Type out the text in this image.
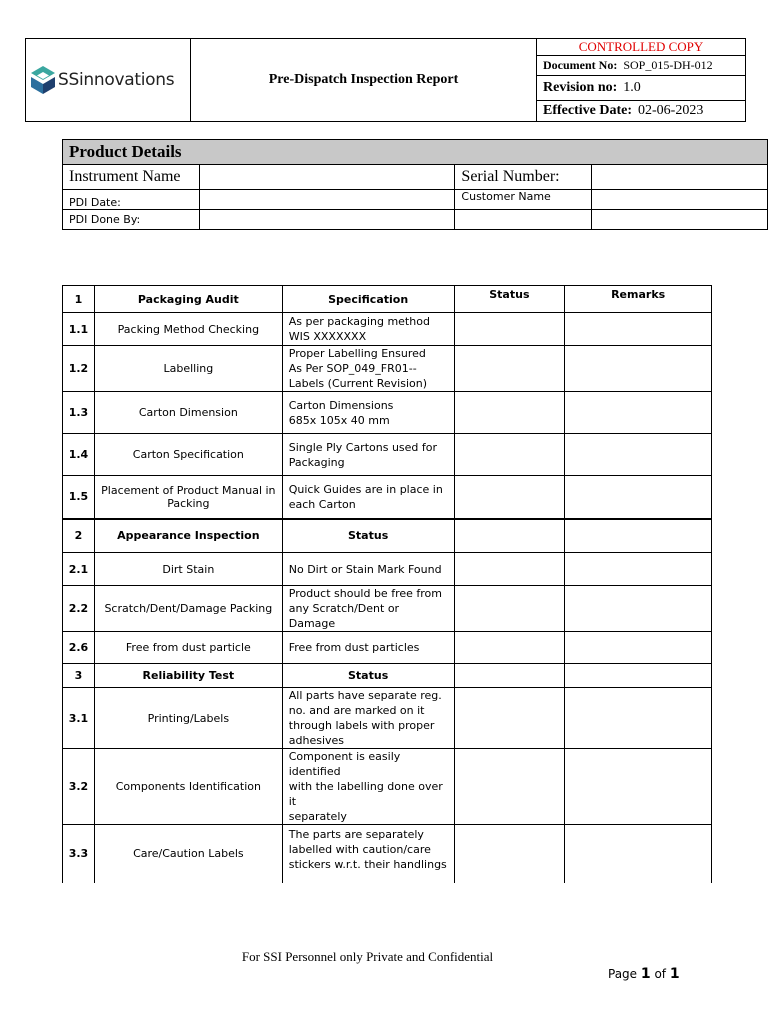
SSinnovations	Pre-Dispatch Inspection Report
CONTROLLED COPY
Document No: SOP_015-DH-012
Revision no: 1.0
Effective Date: 02-06-2023
Product Details			
Instrument Name		Serial Number:	
PDI Date:		Customer Name	
PDI Done By:			
1	Packaging Audit	Specification	Status	Remarks
1.1	Packing Method Checking	As per packaging method
WIS XXXXXXX		
1.2	Labelling	Proper Labelling Ensured
As Per SOP_049_FR01--
Labels (Current Revision)		
1.3	Carton Dimension	Carton Dimensions
685x 105x 40 mm		
1.4	Carton Specification	Single Ply Cartons used for
Packaging		
1.5	Placement of Product Manual in Packing	Quick Guides are in place in
each Carton		
2	Appearance Inspection	Status		
2.1	Dirt Stain	No Dirt or Stain Mark Found		
2.2	Scratch/Dent/Damage Packing	Product should be free from
any Scratch/Dent or Damage		
2.6	Free from dust particle	Free from dust particles		
3	Reliability Test	Status		
3.1	Printing/Labels	All parts have separate reg.
no. and are marked on it
through labels with proper
adhesives		
3.2	Components Identification	Component is easily identified
with the labelling done over it
separately		
3.3	Care/Caution Labels	The parts are separately
labelled with caution/care
stickers w.r.t. their handlings		
For SSI Personnel only Private and Confidential
Page 1 of 1
